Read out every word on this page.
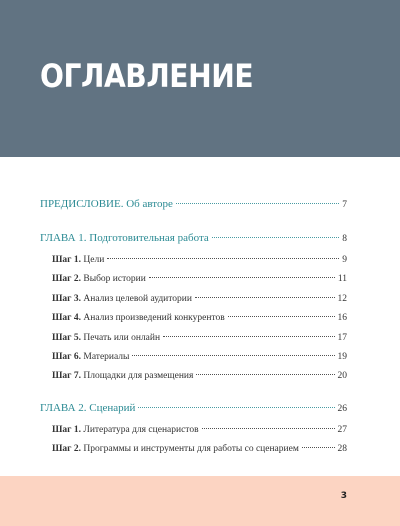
ОГЛАВЛЕНИЕ
ПРЕДИСЛОВИЕ. Об авторе	7
ГЛАВА 1. Подготовительная работа	8
Шаг 1. Цели	9
Шаг 2. Выбор истории	11
Шаг 3. Анализ целевой аудитории	12
Шаг 4. Анализ произведений конкурентов	16
Шаг 5. Печать или онлайн	17
Шаг 6. Материалы	19
Шаг 7. Площадки для размещения	20
ГЛАВА 2. Сценарий	26
Шаг 1. Литература для сценаристов	27
Шаг 2. Программы и инструменты для работы со сценарием	28
3
